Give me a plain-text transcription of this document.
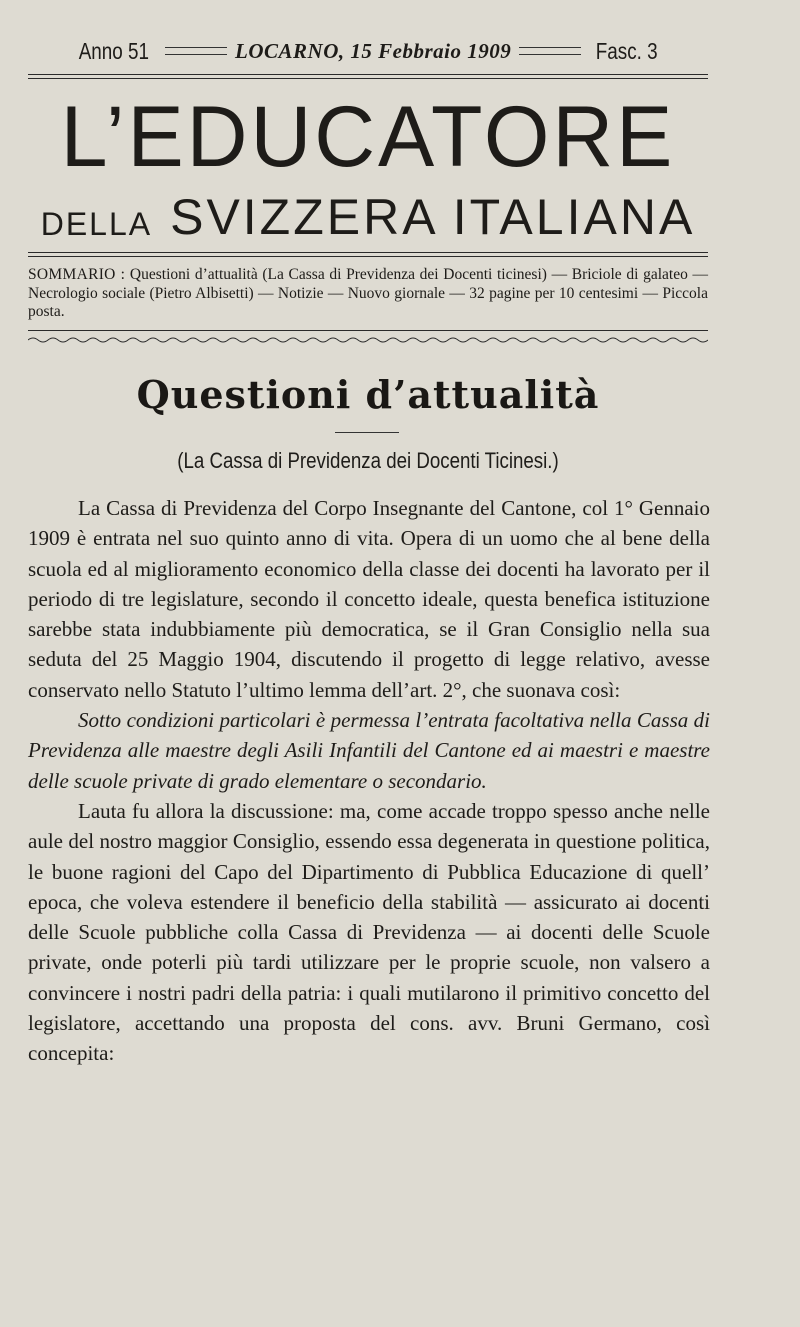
Anno 51	LOCARNO, 15 Febbraio 1909	Fasc. 3
L’EDUCATORE
DELLA SVIZZERA ITALIANA
SOMMARIO : Questioni d’attualità (La Cassa di Previdenza dei Docenti ticinesi) — Briciole di galateo — Necrologio sociale (Pietro Albisetti) — Notizie — Nuovo giornale — 32 pagine per 10 centesimi — Piccola posta.
Questioni d’attualità
(La Cassa di Previdenza dei Docenti Ticinesi.)

La Cassa di Previdenza del Corpo Insegnante del Cantone, col 1° Gennaio 1909 è entrata nel suo quinto anno di vita. Opera di un uomo che al bene della scuola ed al miglioramento economico della classe dei docenti ha lavorato per il periodo di tre legislature, secondo il concetto ideale, questa benefica istituzione sarebbe stata indubbiamente più democratica, se il Gran Consiglio nella sua seduta del 25 Maggio 1904, discutendo il progetto di legge relativo, avesse conservato nello Statuto l’ultimo lemma dell’art. 2°, che suonava così:

Sotto condizioni particolari è permessa l’entrata facoltativa nella Cassa di Previdenza alle maestre degli Asili Infantili del Cantone ed ai maestri e maestre delle scuole private di grado elementare o secondario.

Lauta fu allora la discussione: ma, come accade troppo spesso anche nelle aule del nostro maggior Consiglio, essendo essa degenerata in questione politica, le buone ragioni del Capo del Dipartimento di Pubblica Educazione di quell’ epoca, che voleva estendere il beneficio della stabilità — assicurato ai docenti delle Scuole pubbliche colla Cassa di Previdenza — ai docenti delle Scuole private, onde poterli più tardi utilizzare per le proprie scuole, non valsero a convincere i nostri padri della patria: i quali mutilarono il primitivo concetto del legislatore, accettando una proposta del cons. avv. Bruni Germano, così concepita:
